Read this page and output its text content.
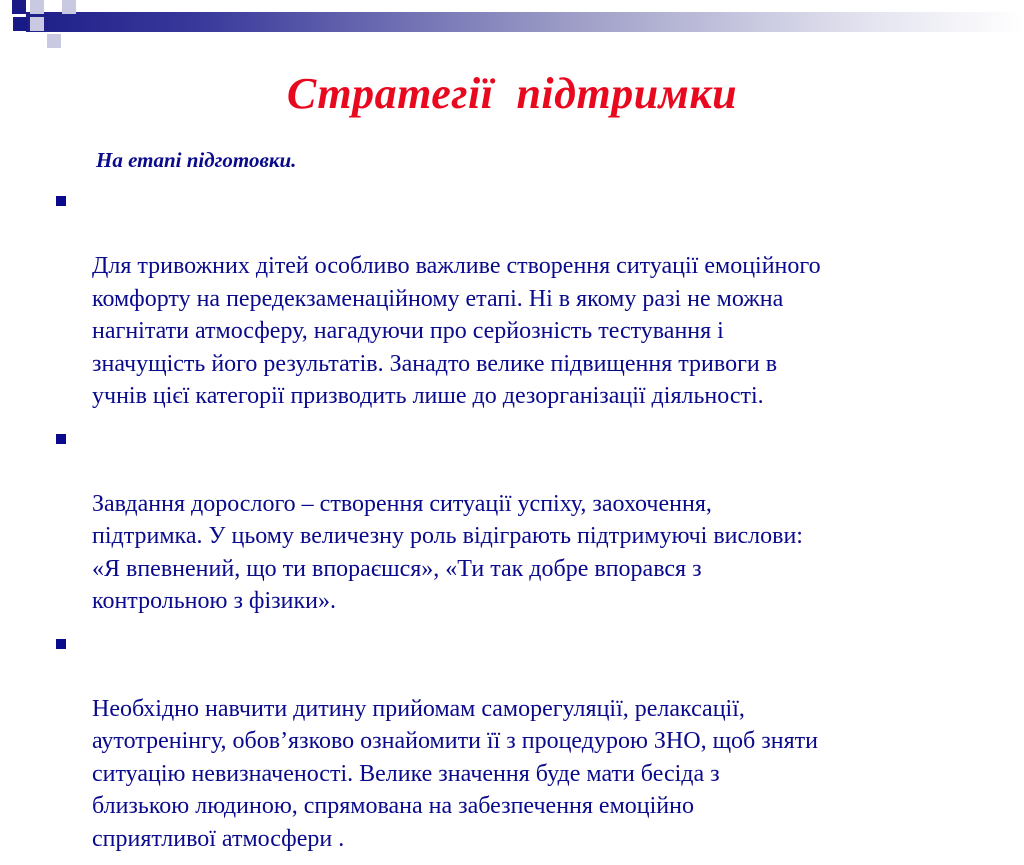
Стратегії  підтримки
На етапі підготовки.

Для тривожних дітей особливо важливе створення ситуації емоційного
комфорту на передекзаменаційному етапі. Ні в якому разі не можна
нагнітати атмосферу, нагадуючи про серйозність тестування і
значущість його результатів. Занадто велике підвищення тривоги в
учнів цієї категорії призводить лише до дезорганізації діяльності.

Завдання дорослого – створення ситуації успіху, заохочення,
підтримка. У цьому величезну роль відіграють підтримуючі вислови:
«Я впевнений, що ти впораєшся», «Ти так добре впорався з
контрольною з фізики».

Необхідно навчити дитину прийомам саморегуляції, релаксації,
аутотренінгу, обов’язково ознайомити її з процедурою ЗНО, щоб зняти
ситуацію невизначеності. Велике значення буде мати бесіда з
близькою людиною, спрямована на забезпечення емоційно
сприятливої атмосфери .
